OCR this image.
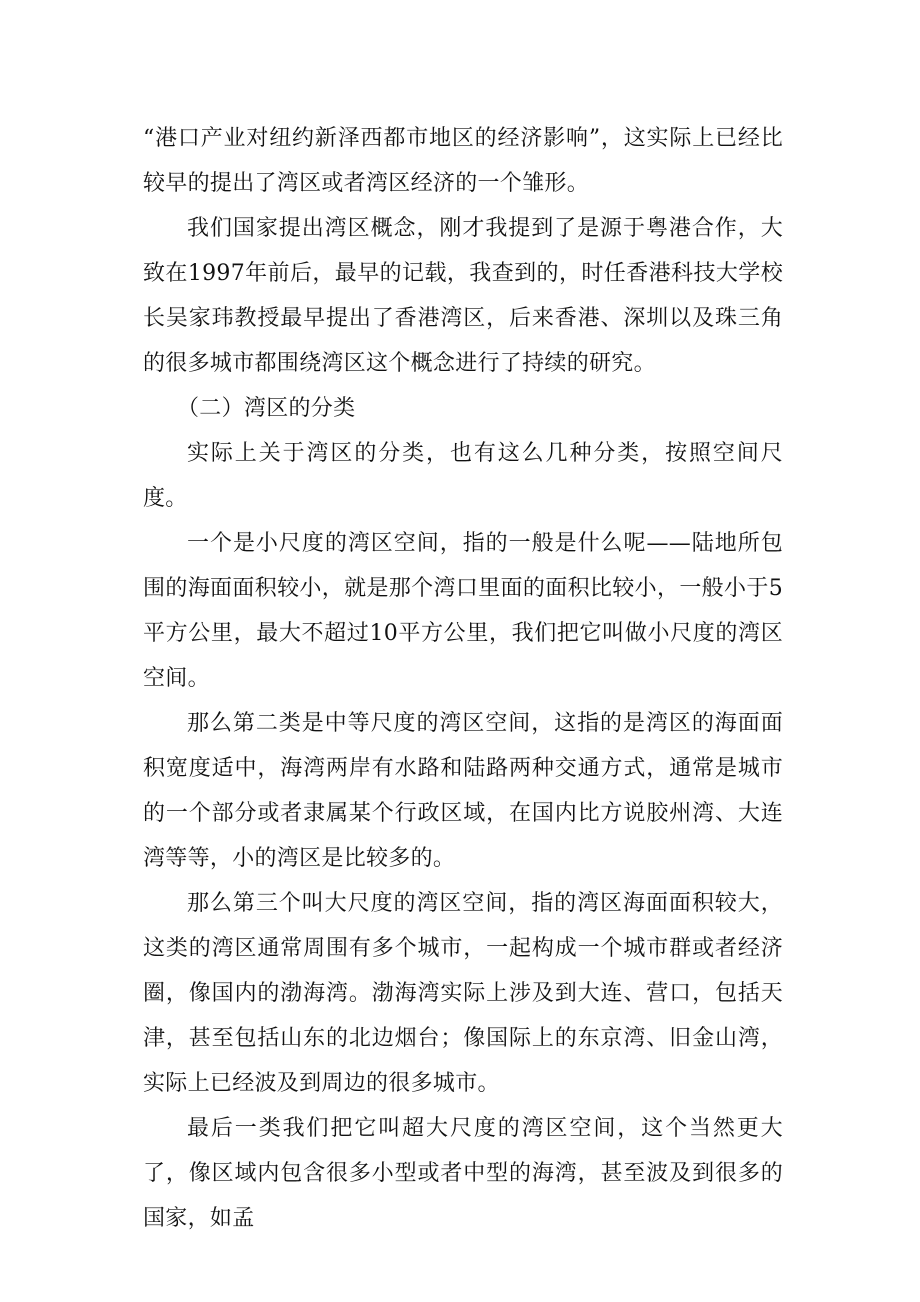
“港口产业对纽约新泽西都市地区的经济影响”，这实际上已经比较早的提出了湾区或者湾区经济的一个雏形。

我们国家提出湾区概念，刚才我提到了是源于粤港合作，大致在1997年前后，最早的记载，我查到的，时任香港科技大学校长吴家玮教授最早提出了香港湾区，后来香港、深圳以及珠三角的很多城市都围绕湾区这个概念进行了持续的研究。

（二）湾区的分类

实际上关于湾区的分类，也有这么几种分类，按照空间尺度。

一个是小尺度的湾区空间，指的一般是什么呢——陆地所包围的海面面积较小，就是那个湾口里面的面积比较小，一般小于5平方公里，最大不超过10平方公里，我们把它叫做小尺度的湾区空间。

那么第二类是中等尺度的湾区空间，这指的是湾区的海面面积宽度适中，海湾两岸有水路和陆路两种交通方式，通常是城市的一个部分或者隶属某个行政区域，在国内比方说胶州湾、大连湾等等，小的湾区是比较多的。

那么第三个叫大尺度的湾区空间，指的湾区海面面积较大，这类的湾区通常周围有多个城市，一起构成一个城市群或者经济圈，像国内的渤海湾。渤海湾实际上涉及到大连、营口，包括天津，甚至包括山东的北边烟台；像国际上的东京湾、旧金山湾，实际上已经波及到周边的很多城市。

最后一类我们把它叫超大尺度的湾区空间，这个当然更大了，像区域内包含很多小型或者中型的海湾，甚至波及到很多的国家，如孟
